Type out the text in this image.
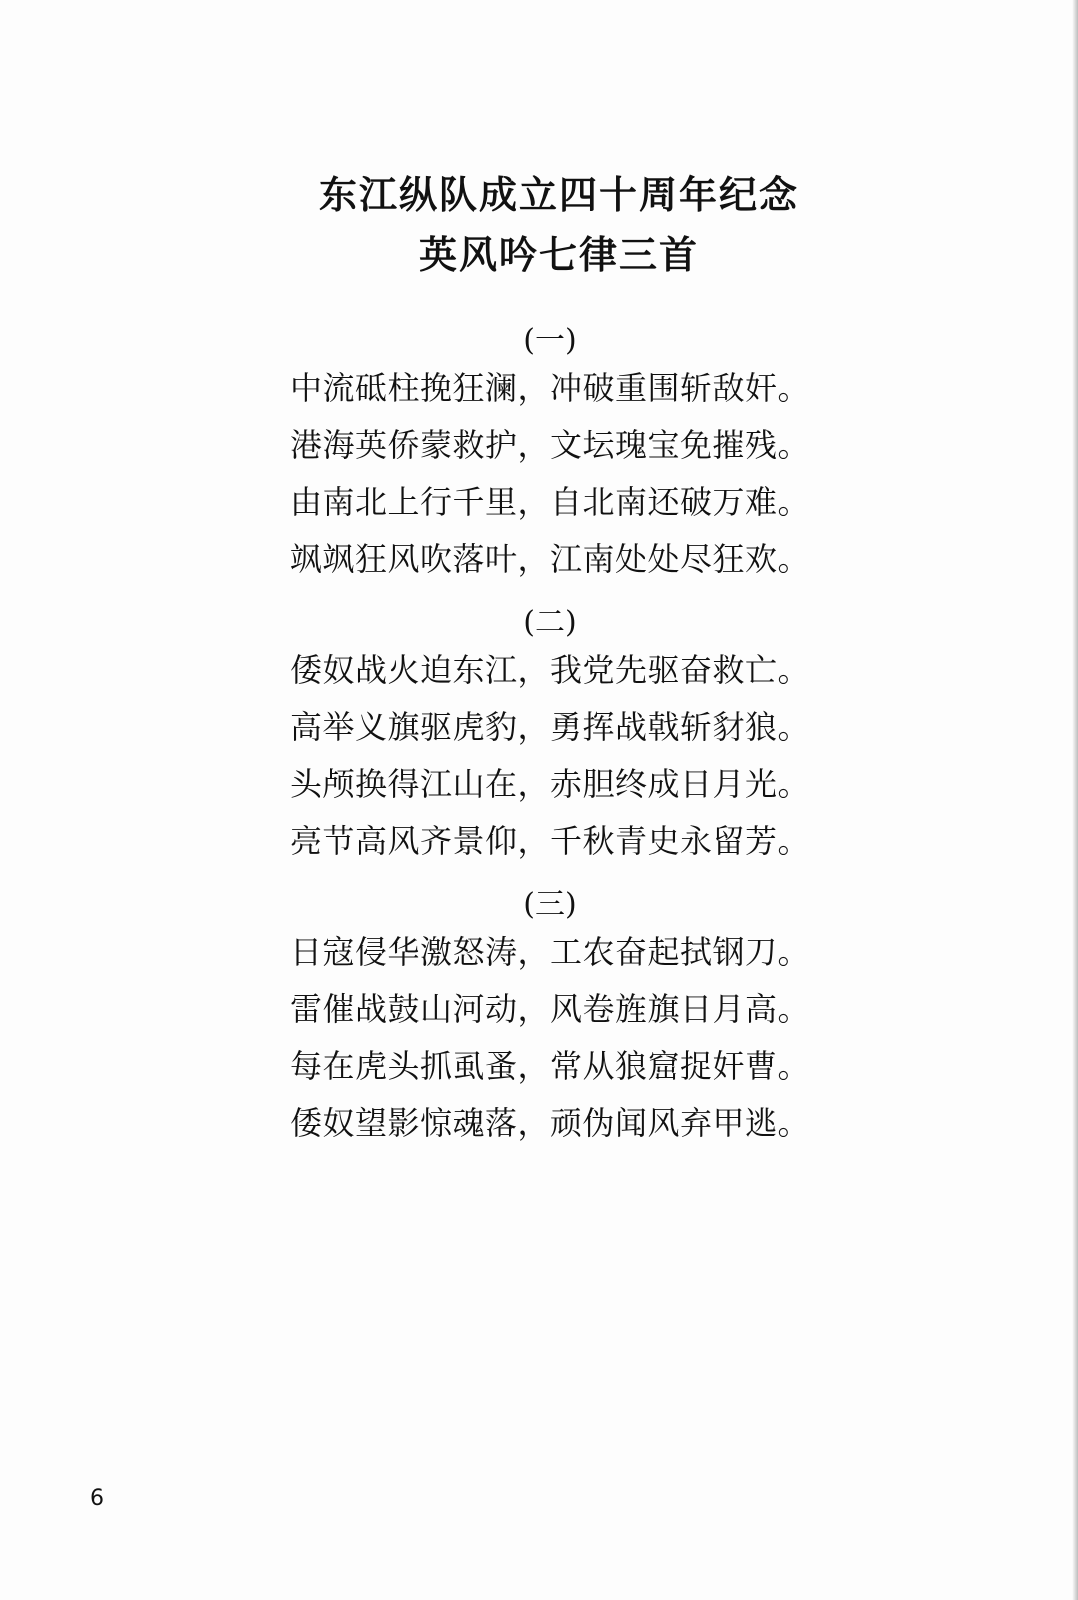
东江纵队成立四十周年纪念
英风吟七律三首
(一)
中流砥柱挽狂澜，冲破重围斩敌奸。
港海英侨蒙救护，文坛瑰宝免摧残。
由南北上行千里，自北南还破万难。
飒飒狂风吹落叶，江南处处尽狂欢。
(二)
倭奴战火迫东江，我党先驱奋救亡。
高举义旗驱虎豹，勇挥战戟斩豺狼。
头颅换得江山在，赤胆终成日月光。
亮节高风齐景仰，千秋青史永留芳。
(三)
日寇侵华激怒涛，工农奋起拭钢刀。
雷催战鼓山河动，风卷旌旗日月高。
每在虎头抓虱蚤，常从狼窟捉奸曹。
倭奴望影惊魂落，顽伪闻风弃甲逃。
6
